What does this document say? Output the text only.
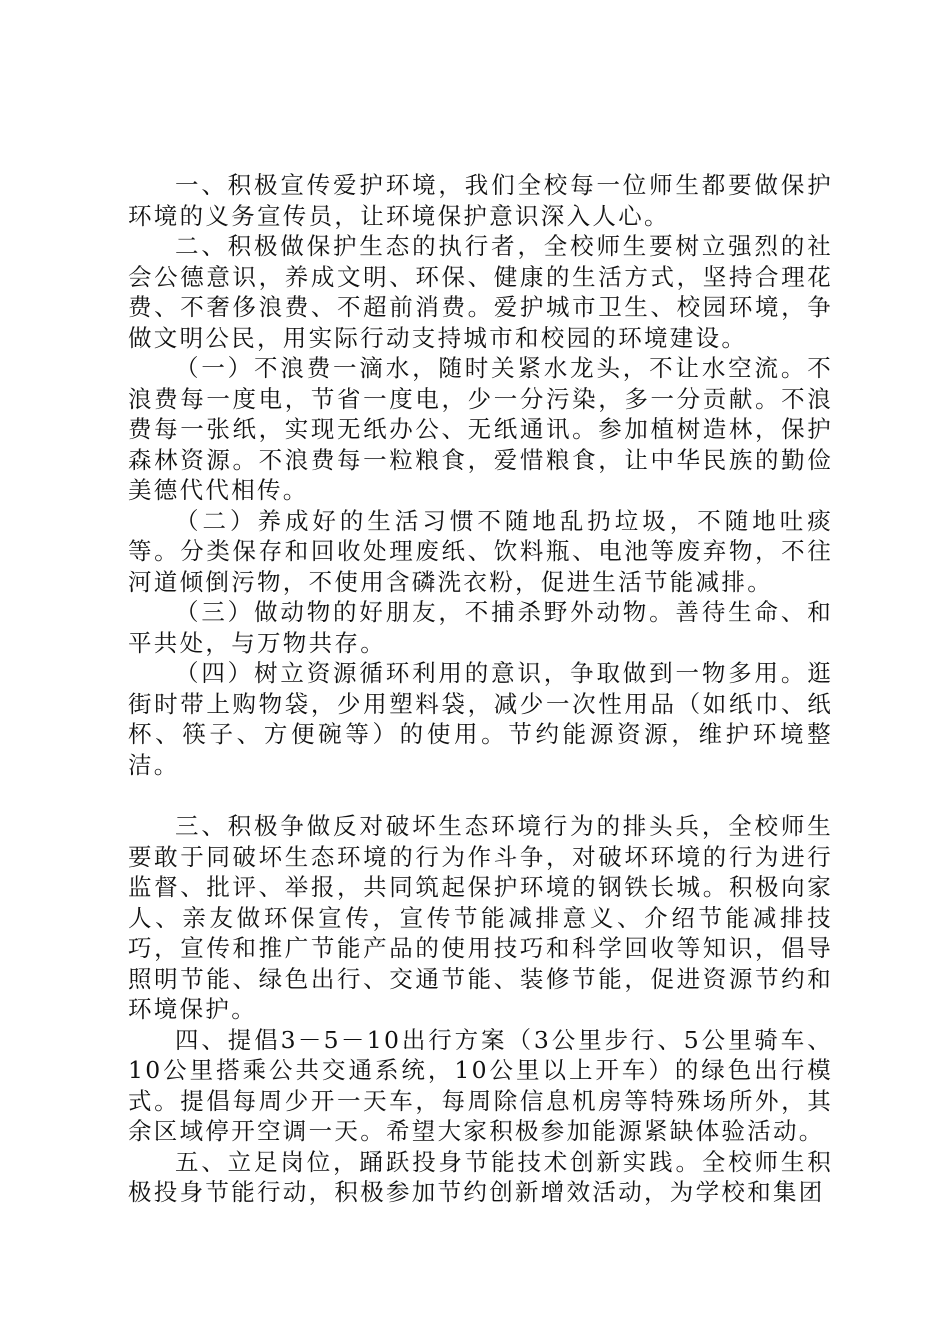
一、积极宣传爱护环境，我们全校每一位师生都要做保护环境的义务宣传员，让环境保护意识深入人心。

二、积极做保护生态的执行者，全校师生要树立强烈的社会公德意识，养成文明、环保、健康的生活方式，坚持合理花费、不奢侈浪费、不超前消费。爱护城市卫生、校园环境，争做文明公民，用实际行动支持城市和校园的环境建设。

（一）不浪费一滴水，随时关紧水龙头，不让水空流。不浪费每一度电，节省一度电，少一分污染，多一分贡献。不浪费每一张纸，实现无纸办公、无纸通讯。参加植树造林，保护森林资源。不浪费每一粒粮食，爱惜粮食，让中华民族的勤俭美德代代相传。

（二）养成好的生活习惯不随地乱扔垃圾，不随地吐痰等。分类保存和回收处理废纸、饮料瓶、电池等废弃物，不往河道倾倒污物，不使用含磷洗衣粉，促进生活节能减排。

（三）做动物的好朋友，不捕杀野外动物。善待生命、和平共处，与万物共存。

（四）树立资源循环利用的意识，争取做到一物多用。逛街时带上购物袋，少用塑料袋，减少一次性用品（如纸巾、纸杯、筷子、方便碗等）的使用。节约能源资源，维护环境整洁。

三、积极争做反对破坏生态环境行为的排头兵，全校师生要敢于同破坏生态环境的行为作斗争，对破坏环境的行为进行监督、批评、举报，共同筑起保护环境的钢铁长城。积极向家人、亲友做环保宣传，宣传节能减排意义、介绍节能减排技巧，宣传和推广节能产品的使用技巧和科学回收等知识，倡导照明节能、绿色出行、交通节能、装修节能，促进资源节约和环境保护。

四、提倡3－5－10出行方案（3公里步行、5公里骑车、10公里搭乘公共交通系统，10公里以上开车）的绿色出行模式。提倡每周少开一天车，每周除信息机房等特殊场所外，其余区域停开空调一天。希望大家积极参加能源紧缺体验活动。

五、立足岗位，踊跃投身节能技术创新实践。全校师生积极投身节能行动，积极参加节约创新增效活动，为学校和集团
